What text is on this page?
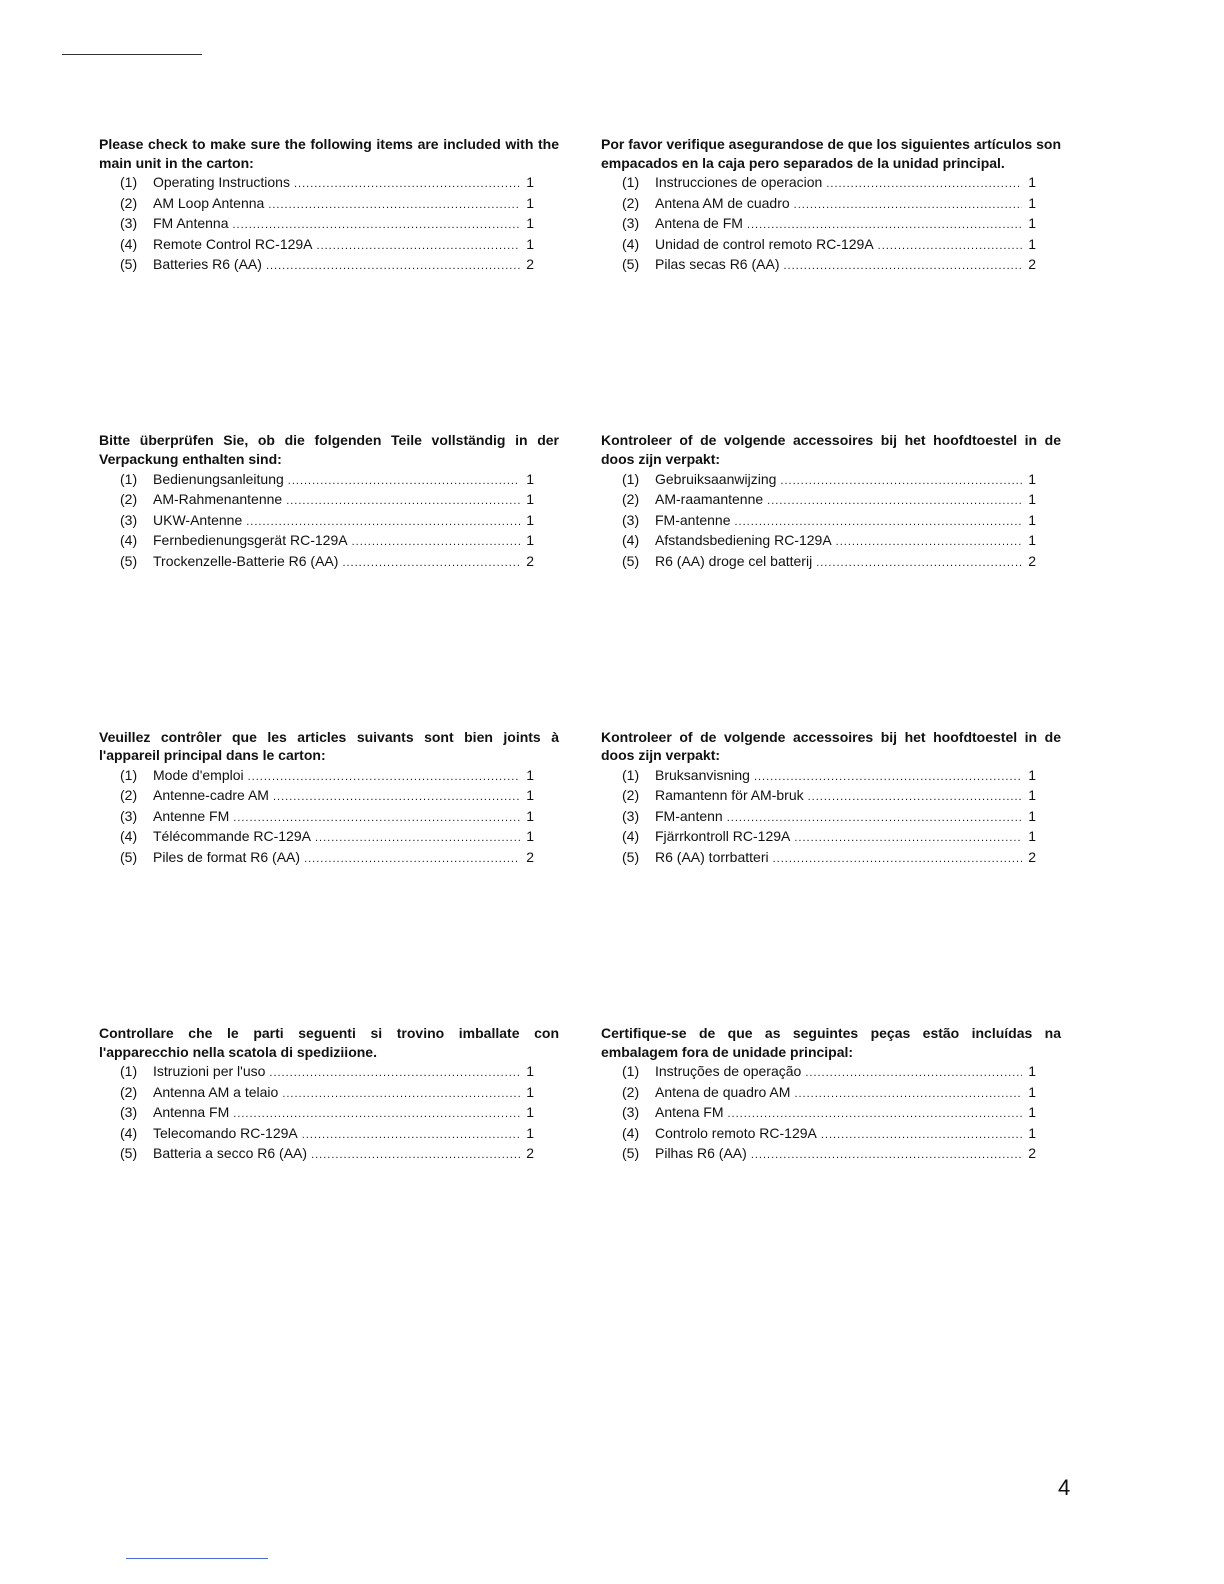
Please check to make sure the following items are included with the main unit in the carton:

(1)	Operating Instructions .....	1
(2)	AM Loop Antenna .....	1
(3)	FM Antenna .....	1
(4)	Remote Control RC-129A .....	1
(5)	Batteries R6 (AA) .....	2

Bitte überprüfen Sie, ob die folgenden Teile vollständig in der Verpackung enthalten sind:

(1)	Bedienungsanleitung .....	1
(2)	AM-Rahmenantenne .....	1
(3)	UKW-Antenne .....	1
(4)	Fernbedienungsgerät RC-129A .....	1
(5)	Trockenzelle-Batterie R6 (AA) .....	2

Veuillez contrôler que les articles suivants sont bien joints à l'appareil principal dans le carton:

(1)	Mode d'emploi .....	1
(2)	Antenne-cadre AM .....	1
(3)	Antenne FM .....	1
(4)	Télécommande RC-129A .....	1
(5)	Piles de format R6 (AA) .....	2

Controllare che le parti seguenti si trovino imballate con l'apparecchio nella scatola di spediziione.

(1)	Istruzioni per l'uso .....	1
(2)	Antenna AM a telaio .....	1
(3)	Antenna FM .....	1
(4)	Telecomando RC-129A .....	1
(5)	Batteria a secco R6 (AA) .....	2

Por favor verifique asegurandose de que los siguientes artículos son empacados en la caja pero separados de la unidad principal.

(1)	Instrucciones de operacion .....	1
(2)	Antena AM de cuadro .....	1
(3)	Antena de FM .....	1
(4)	Unidad de control remoto RC-129A .....	1
(5)	Pilas secas R6 (AA) .....	2

Kontroleer of de volgende accessoires bij het hoofdtoestel in de doos zijn verpakt:

(1)	Gebruiksaanwijzing .....	1
(2)	AM-raamantenne .....	1
(3)	FM-antenne .....	1
(4)	Afstandsbediening RC-129A .....	1
(5)	R6 (AA) droge cel batterij .....	2

Kontroleer of de volgende accessoires bij het hoofdtoestel in de doos zijn verpakt:

(1)	Bruksanvisning .....	1
(2)	Ramantenn för AM-bruk .....	1
(3)	FM-antenn .....	1
(4)	Fjärrkontroll RC-129A .....	1
(5)	R6 (AA) torrbatteri .....	2

Certifique-se de que as seguintes peças estão incluídas na embalagem fora de unidade principal:

(1)	Instruções de operação .....	1
(2)	Antena de quadro AM .....	1
(3)	Antena FM .....	1
(4)	Controlo remoto RC-129A .....	1
(5)	Pilhas R6 (AA) .....	2
4
